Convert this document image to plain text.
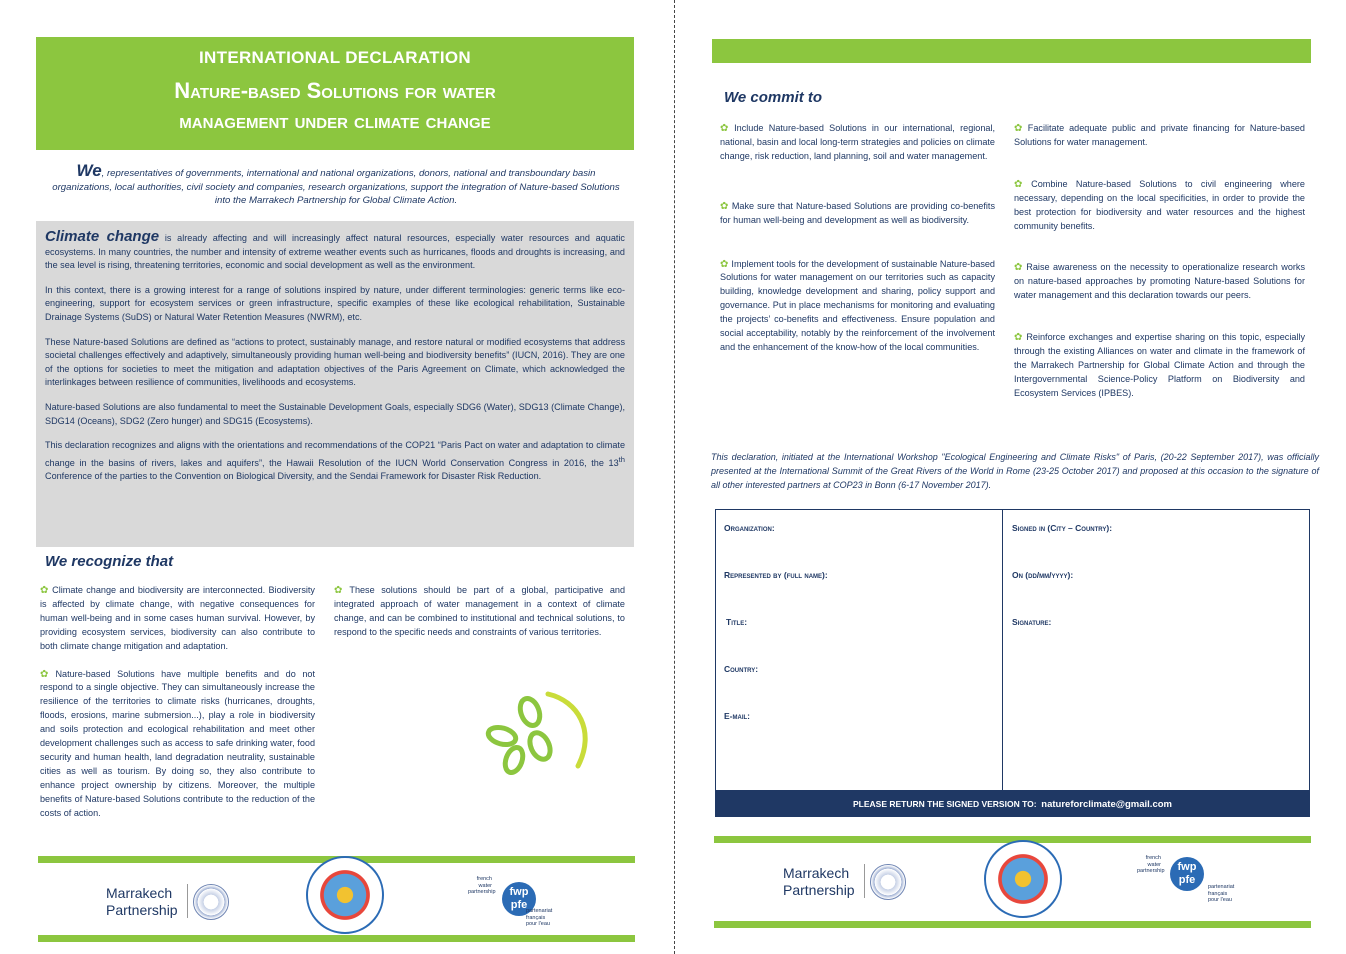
INTERNATIONAL DECLARATION
Nature-based Solutions for water
management under climate change
We, representatives of governments, international and national organizations, donors, national and transboundary basin organizations, local authorities, civil society and companies, research organizations, support the integration of Nature-based Solutions into the Marrakech Partnership for Global Climate Action.

Climate change is already affecting and will increasingly affect natural resources, especially water resources and aquatic ecosystems. In many countries, the number and intensity of extreme weather events such as hurricanes, floods and droughts is increasing, and the sea level is rising, threatening territories, economic and social development as well as the environment.

In this context, there is a growing interest for a range of solutions inspired by nature, under different terminologies: generic terms like eco-engineering, support for ecosystem services or green infrastructure, specific examples of these like ecological rehabilitation, Sustainable Drainage Systems (SuDS) or Natural Water Retention Measures (NWRM), etc.

These Nature-based Solutions are defined as “actions to protect, sustainably manage, and restore natural or modified ecosystems that address societal challenges effectively and adaptively, simultaneously providing human well-being and biodiversity benefits” (IUCN, 2016). They are one of the options for societies to meet the mitigation and adaptation objectives of the Paris Agreement on Climate, which acknowledged the interlinkages between resilience of communities, livelihoods and ecosystems.

Nature-based Solutions are also fundamental to meet the Sustainable Development Goals, especially SDG6 (Water), SDG13 (Climate Change), SDG14 (Oceans), SDG2 (Zero hunger) and SDG15 (Ecosystems).

This declaration recognizes and aligns with the orientations and recommendations of the COP21 “Paris Pact on water and adaptation to climate change in the basins of rivers, lakes and aquifers”, the Hawaii Resolution of the IUCN World Conservation Congress in 2016, the 13th Conference of the parties to the Convention on Biological Diversity, and the Sendai Framework for Disaster Risk Reduction.

We recognize that

✿ Climate change and biodiversity are interconnected. Biodiversity is affected by climate change, with negative consequences for human well-being and in some cases human survival. However, by providing ecosystem services, biodiversity can also contribute to both climate change mitigation and adaptation.

✿ Nature-based Solutions have multiple benefits and do not respond to a single objective. They can simultaneously increase the resilience of the territories to climate risks (hurricanes, droughts, floods, erosions, marine submersion...), play a role in biodiversity and soils protection and ecological rehabilitation and meet other development challenges such as access to safe drinking water, food security and human health, land degradation neutrality, sustainable cities as well as tourism. By doing so, they also contribute to enhance project ownership by citizens. Moreover, the multiple benefits of Nature-based Solutions contribute to the reduction of the costs of action.

✿ These solutions should be part of a global, participative and integrated approach of water management in a context of climate change, and can be combined to institutional and technical solutions, to respond to the specific needs and constraints of various territories.

Marrakech
Partnership
french water partnership	fwp
pfe
partenariat français pour l'eau
We commit to

✿ Include Nature-based Solutions in our international, regional, national, basin and local long-term strategies and policies on climate change, risk reduction, land planning, soil and water management.

✿ Make sure that Nature-based Solutions are providing co-benefits for human well-being and development as well as biodiversity.

✿ Implement tools for the development of sustainable Nature-based Solutions for water management on our territories such as capacity building, knowledge development and sharing, policy support and governance. Put in place mechanisms for monitoring and evaluating the projects’ co-benefits and effectiveness. Ensure population and social acceptability, notably by the reinforcement of the involvement and the enhancement of the know-how of the local communities.

✿ Facilitate adequate public and private financing for Nature-based Solutions for water management.

✿ Combine Nature-based Solutions to civil engineering where necessary, depending on the local specificities, in order to provide the best protection for biodiversity and water resources and the highest community benefits.

✿ Raise awareness on the necessity to operationalize research works on nature-based approaches by promoting Nature-based Solutions for water management and this declaration towards our peers.

✿ Reinforce exchanges and expertise sharing on this topic, especially through the existing Alliances on water and climate in the framework of the Marrakech Partnership for Global Climate Action and through the Intergovernmental Science-Policy Platform on Biodiversity and Ecosystem Services (IPBES).

This declaration, initiated at the International Workshop "Ecological Engineering and Climate Risks" of Paris, (20-22 September 2017), was officially presented at the International Summit of the Great Rivers of the World in Rome (23-25 October 2017) and proposed at this occasion to the signature of all other interested partners at COP23 in Bonn (6-17 November 2017).
Organization:
Represented by (full name):
Title:
Country:
E-mail:
Signed in (City – Country):
On (dd/mm/yyyy):
Signature:
PLEASE RETURN THE SIGNED VERSION TO: natureforclimate@gmail.com
Marrakech
Partnership
french water partnership	fwp
pfe
partenariat français pour l'eau
